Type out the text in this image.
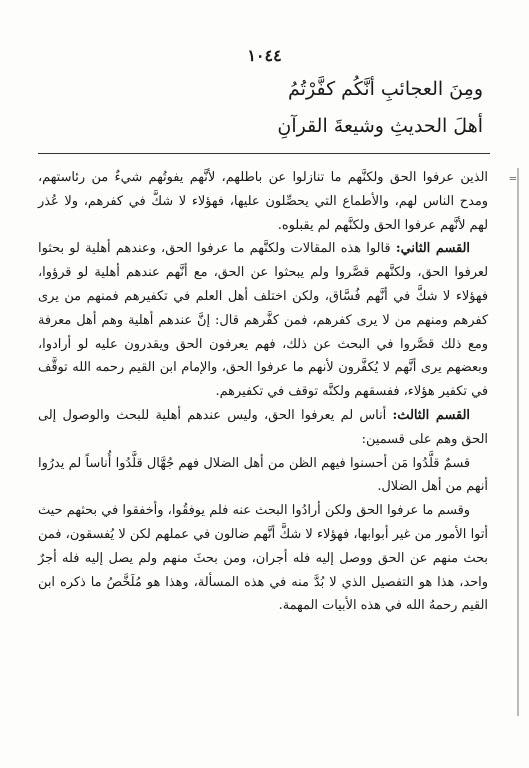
١٠٤٤
ومِنَ العجائبِ أنَّكُم كفَّرْتُمُ
أهلَ الحديثِ وشيعةَ القرآنِ
=

الذين عرفوا الحق ولكنَّهم ما تنازلوا عن باطلهم، لأنَّهم يفوتُهم شيءٌ من رئاستهم، ومدح الناس لهم، والأطماع التي يحصِّلون عليها، فهؤلاء لا شكَّ في كفرهم، ولا عُذر لهم لأنَّهم عرفوا الحق ولكنَّهم لم يقبلوه.

القسم الثاني: قالوا هذه المقالات ولكنَّهم ما عرفوا الحق، وعندهم أهلية لو بحثوا لعرفوا الحق، ولكنَّهم قصَّروا ولم يبحثوا عن الحق، مع أنَّهم عندهم أهلية لو قرؤوا، فهؤلاء لا شكَّ في أنَّهم فُسَّاق، ولكن اختلف أهل العلم في تكفيرهم فمنهم من يرى كفرهم ومنهم من لا يرى كفرهم، فمن كفَّرهم قال: إنَّ عندهم أهلية وهم أهل معرفة ومع ذلك قصَّروا في البحث عن ذلك، فهم يعرفون الحق ويقدرون عليه لو أرادوا، وبعضهم يرى أنَّهم لا يُكفَّرون لأنهم ما عرفوا الحق، والإمام ابن القيم رحمه الله توقَّف في تكفير هؤلاء، ففسقهم ولكنَّه توقف في تكفيرهم.

القسم الثالث: أناس لم يعرفوا الحق، وليس عندهم أهلية للبحث والوصول إلى الحق وهم على قسمين:

قسمٌ قلَّدُوا مَن أحسنوا فيهم الظن من أهل الضلال فهم جُهَّال قلَّدُوا أُناساً لم يدرُوا أنهم من أهل الضلال.

وقسم ما عرفوا الحق ولكن أرادُوا البحث عنه فلم يوفقُوا، وأخفقوا في بحثهم حيث أتوا الأمور من غير أبوابها، فهؤلاء لا شكَّ أنَّهم ضالون في عملهم لكن لا يُفسقون، فمن بحث منهم عن الحق ووصل إليه فله أجران، ومن بحثَ منهم ولم يصل إليه فله أجرٌ واحد، هذا هو التفصيل الذي لا بُدَّ منه في هذه المسألة، وهذا هو مُلَخَّصُ ما ذكره ابن القيم رحمهُ الله في هذه الأبيات المهمة.
